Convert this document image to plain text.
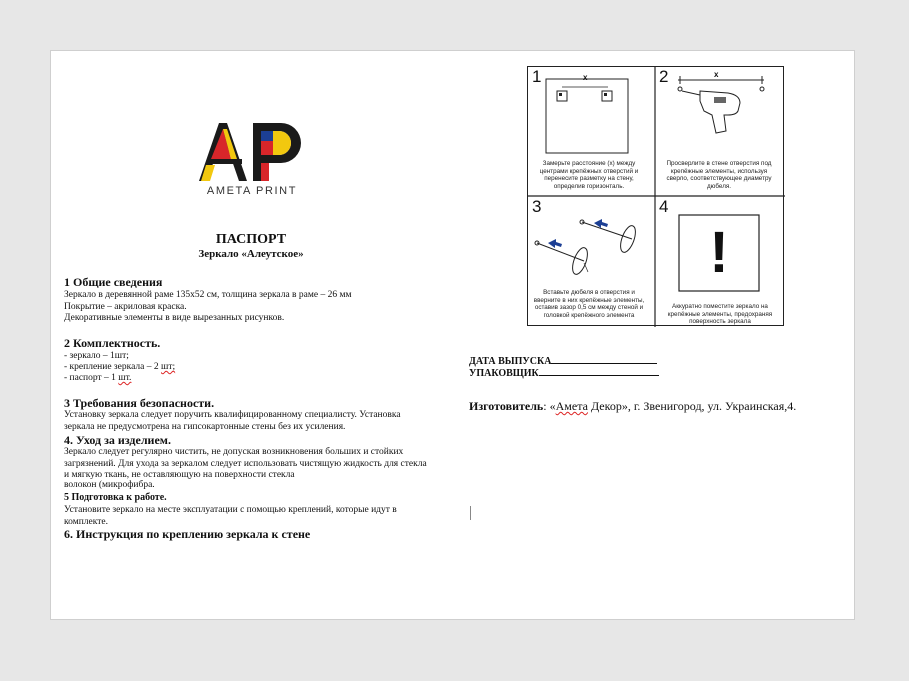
AMETA PRINT
ПАСПОРТ
Зеркало «Алеутское»
1 Общие сведения
Зеркало в деревянной раме 135х52 см, толщина зеркала в раме – 26 мм
Покрытие – акриловая краска.
Декоративные элементы в виде вырезанных рисунков.
2 Комплектность.
- зеркало – 1шт;
- крепление зеркала – 2 шт;
- паспорт – 1 шт.
3 Требования безопасности.
Установку зеркала следует поручить квалифицированному специалисту. Установка зеркала не предусмотрена на гипсокартонные стены без их усиления.
4. Уход за изделием.
Зеркало следует регулярно чистить, не допуская возникновения больших и стойких загрязнений. Для ухода за зеркалом следует использовать чистящую жидкость для стекла и мягкую ткань, не оставляющую на поверхности стекла
волокон (микрофибра.
5 Подготовка к работе.
Установите зеркало на месте эксплуатации с помощью креплений, которые идут в комплекте.
6. Инструкция по креплению зеркала к стене
1	2
3	4
x	x
!
Замерьте расстояние (x) между центрами крепёжных отверстий и перенесите разметку на стену, определив горизонталь.
Просверлите в стене отверстия под крепёжные элементы, используя сверло, соответствующее диаметру дюбеля.
Вставьте дюбеля в отверстия и вверните в них крепёжные элементы, оставив зазор 0,5 см между стеной и головкой крепёжного элемента
Аккуратно поместите зеркало на крепёжные элементы, предохраняя поверхность зеркала
ДАТА ВЫПУСКА
УПАКОВЩИК
Изготовитель: «Амета Декор», г. Звенигород, ул. Украинская,4.
